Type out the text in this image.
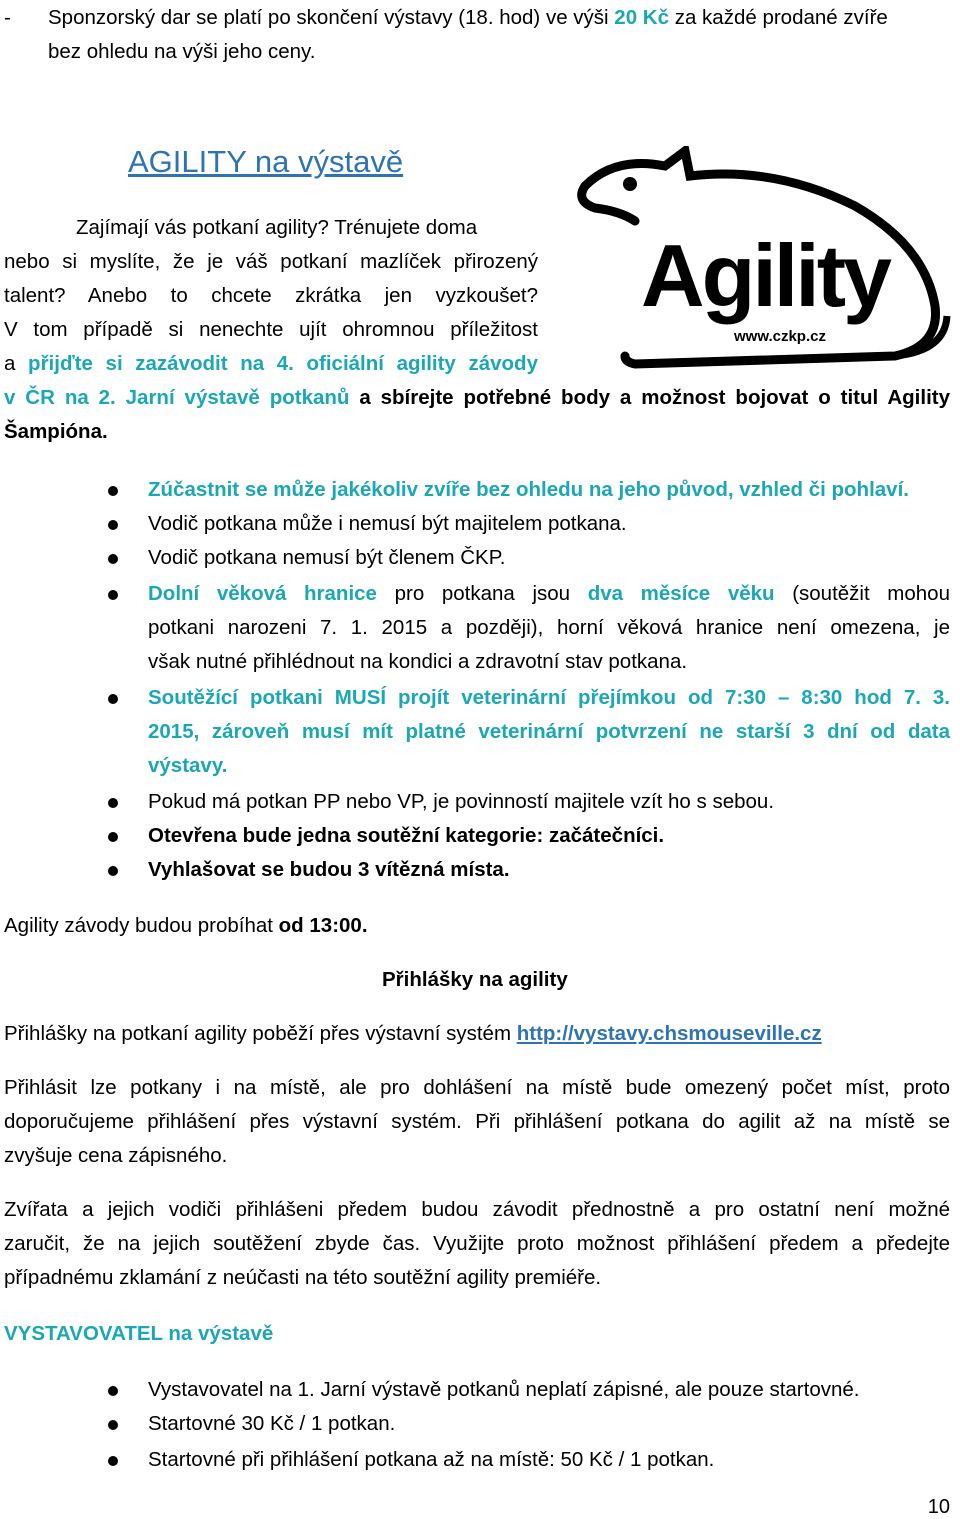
- Sponzorský dar se platí po skončení výstavy (18. hod) ve výši 20 Kč za každé prodané zvíře
bez ohledu na výši jeho ceny.
AGILITY na výstavě
Zajímají vás potkaní agility? Trénujete doma
nebo si myslíte, že je váš potkaní mazlíček přirozený
talent? Anebo to chcete zkrátka jen vyzkoušet?
V tom případě si nenechte ujít ohromnou příležitost
a přijďte si zazávodit na 4. oficiální agility závody
v ČR na 2. Jarní výstavě potkanů a sbírejte potřebné body a možnost bojovat o titul Agility
Šampióna.
Agility
www.czkp.cz
Zúčastnit se může jakékoliv zvíře bez ohledu na jeho původ, vzhled či pohlaví.
Vodič potkana může i nemusí být majitelem potkana.
Vodič potkana nemusí být členem ČKP.
Dolní věková hranice pro potkana jsou dva měsíce věku (soutěžit mohou
potkani narozeni 7. 1. 2015 a později), horní věková hranice není omezena, je
však nutné přihlédnout na kondici a zdravotní stav potkana.
Soutěžící potkani MUSÍ projít veterinární přejímkou od 7:30 – 8:30 hod 7. 3.
2015, zároveň musí mít platné veterinární potvrzení ne starší 3 dní od data
výstavy.
Pokud má potkan PP nebo VP, je povinností majitele vzít ho s sebou.
Otevřena bude jedna soutěžní kategorie: začátečníci.
Vyhlašovat se budou 3 vítězná místa.
Agility závody budou probíhat od 13:00.
Přihlášky na agility
Přihlášky na potkaní agility poběží přes výstavní systém http://vystavy.chsmouseville.cz
Přihlásit lze potkany i na místě, ale pro dohlášení na místě bude omezený počet míst, proto
doporučujeme přihlášení přes výstavní systém. Při přihlášení potkana do agilit až na místě se
zvyšuje cena zápisného.
Zvířata a jejich vodiči přihlášeni předem budou závodit přednostně a pro ostatní není možné
zaručit, že na jejich soutěžení zbyde čas. Využijte proto možnost přihlášení předem a předejte
případnému zklamání z neúčasti na této soutěžní agility premiéře.
VYSTAVOVATEL na výstavě
Vystavovatel na 1. Jarní výstavě potkanů neplatí zápisné, ale pouze startovné.
Startovné 30 Kč / 1 potkan.
Startovné při přihlášení potkana až na místě: 50 Kč / 1 potkan.
10
